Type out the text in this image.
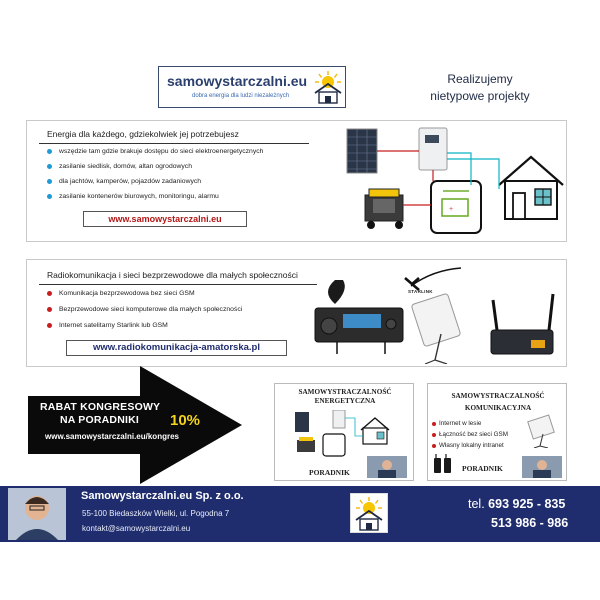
samowystarczalni.eu
dobra energia dla ludzi niezależnych
Realizujemy
nietypowe projekty
Energia dla każdego, gdziekolwiek jej potrzebujesz
wszędzie tam gdzie brakuje dostępu do sieci elektroenergetycznych
zasilanie siedlisk, domów, altan ogrodowych
dla jachtów, kamperów, pojazdów zadaniowych
zasilanie kontenerów biurowych, monitoringu, alarmu
www.samowystarczalni.eu
+
Radiokomunikacja i sieci bezprzewodowe dla małych społeczności
Komunikacja bezprzewodowa bez sieci GSM
Bezprzewodowe sieci komputerowe dla małych społeczności
Internet satelitarny Starlink lub GSM
www.radiokomunikacja-amatorska.pl
STARLINK
RABAT KONGRESOWY
NA PORADNIKI	10%
www.samowystarczalni.eu/kongres
SAMOWYSTRACZALNOŚĆ
ENERGETYCZNA
PORADNIK
SAMOWYSTRACZALNOŚĆ
KOMUNIKACYJNA
Internet w lesie
Łączność bez sieci GSM
Własny lokalny intranet
PORADNIK
Samowystarczalni.eu Sp. z o.o.
55-100 Biedaszków Wielki, ul. Pogodna 7
kontakt@samowystarczalni.eu
tel. 693 925 - 835
513 986 - 986
